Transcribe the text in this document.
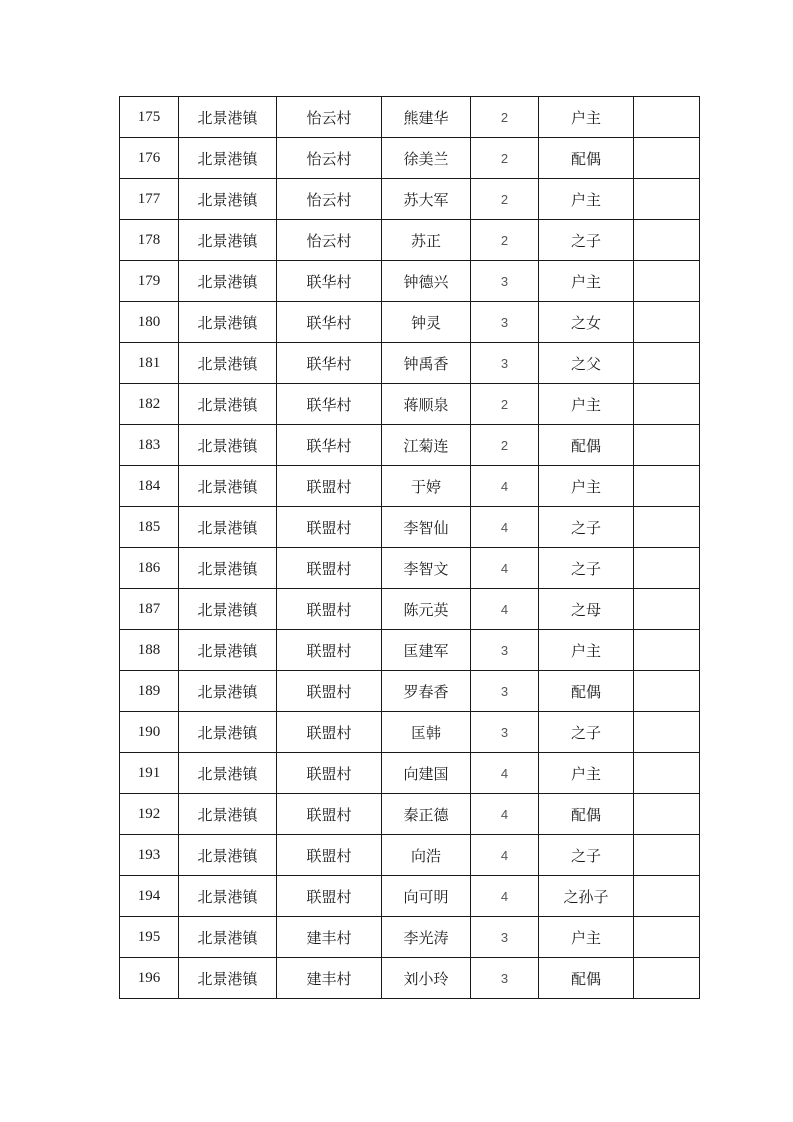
175	北景港镇	怡云村	熊建华	2	户主	
176	北景港镇	怡云村	徐美兰	2	配偶	
177	北景港镇	怡云村	苏大军	2	户主	
178	北景港镇	怡云村	苏正	2	之子	
179	北景港镇	联华村	钟德兴	3	户主	
180	北景港镇	联华村	钟灵	3	之女	
181	北景港镇	联华村	钟禹香	3	之父	
182	北景港镇	联华村	蒋顺泉	2	户主	
183	北景港镇	联华村	江菊连	2	配偶	
184	北景港镇	联盟村	于婷	4	户主	
185	北景港镇	联盟村	李智仙	4	之子	
186	北景港镇	联盟村	李智文	4	之子	
187	北景港镇	联盟村	陈元英	4	之母	
188	北景港镇	联盟村	匡建军	3	户主	
189	北景港镇	联盟村	罗春香	3	配偶	
190	北景港镇	联盟村	匡韩	3	之子	
191	北景港镇	联盟村	向建国	4	户主	
192	北景港镇	联盟村	秦正德	4	配偶	
193	北景港镇	联盟村	向浩	4	之子	
194	北景港镇	联盟村	向可明	4	之孙子	
195	北景港镇	建丰村	李光涛	3	户主	
196	北景港镇	建丰村	刘小玲	3	配偶	
